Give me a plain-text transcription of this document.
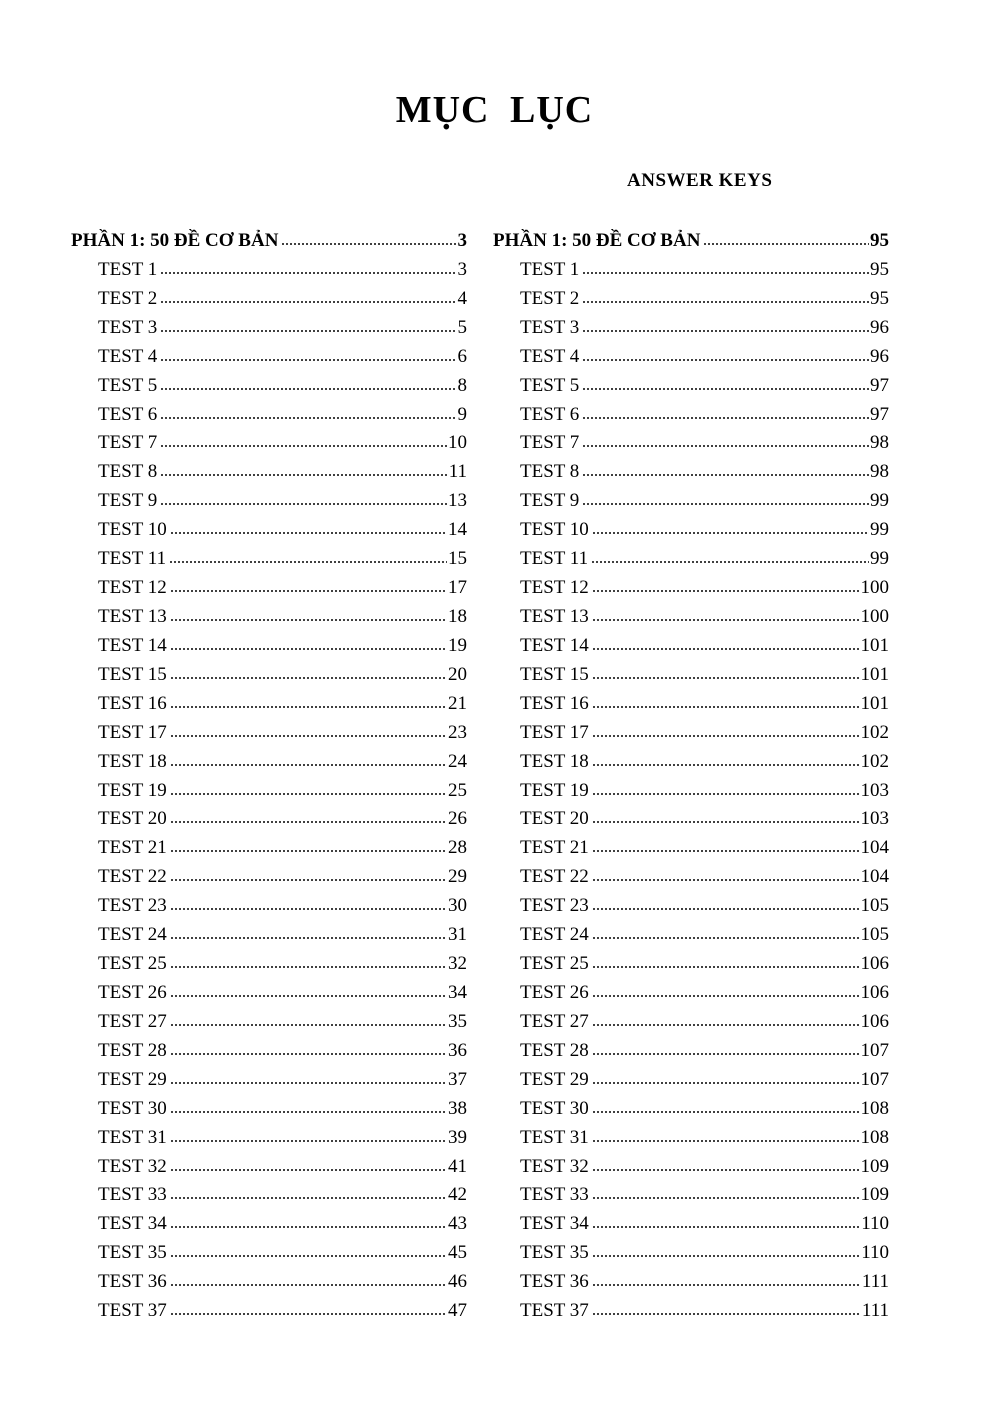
MỤC LỤC
ANSWER KEYS
PHẦN 1: 50 ĐỀ CƠ BẢN	3
TEST 1	3
TEST 2	4
TEST 3	5
TEST 4	6
TEST 5	8
TEST 6	9
TEST 7	10
TEST 8	11
TEST 9	13
TEST 10	14
TEST 11	15
TEST 12	17
TEST 13	18
TEST 14	19
TEST 15	20
TEST 16	21
TEST 17	23
TEST 18	24
TEST 19	25
TEST 20	26
TEST 21	28
TEST 22	29
TEST 23	30
TEST 24	31
TEST 25	32
TEST 26	34
TEST 27	35
TEST 28	36
TEST 29	37
TEST 30	38
TEST 31	39
TEST 32	41
TEST 33	42
TEST 34	43
TEST 35	45
TEST 36	46
TEST 37	47
PHẦN 1: 50 ĐỀ CƠ BẢN	95
TEST 1	95
TEST 2	95
TEST 3	96
TEST 4	96
TEST 5	97
TEST 6	97
TEST 7	98
TEST 8	98
TEST 9	99
TEST 10	99
TEST 11	99
TEST 12	100
TEST 13	100
TEST 14	101
TEST 15	101
TEST 16	101
TEST 17	102
TEST 18	102
TEST 19	103
TEST 20	103
TEST 21	104
TEST 22	104
TEST 23	105
TEST 24	105
TEST 25	106
TEST 26	106
TEST 27	106
TEST 28	107
TEST 29	107
TEST 30	108
TEST 31	108
TEST 32	109
TEST 33	109
TEST 34	110
TEST 35	110
TEST 36	111
TEST 37	111
